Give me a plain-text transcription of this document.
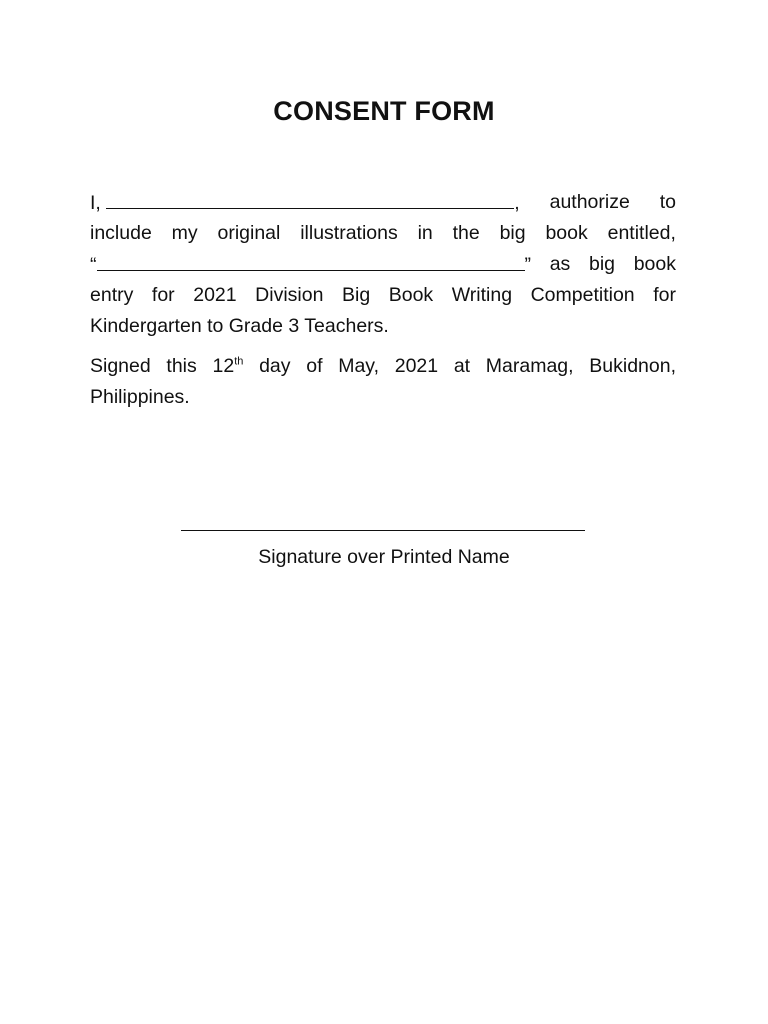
CONSENT FORM
I,	, authorize to
include my original illustrations in the big book entitled,
“	” as big book
entry for 2021 Division Big Book Writing Competition for
Kindergarten to Grade 3 Teachers.
Signed this 12th day of May, 2021 at Maramag, Bukidnon,
Philippines.
Signature over Printed Name
